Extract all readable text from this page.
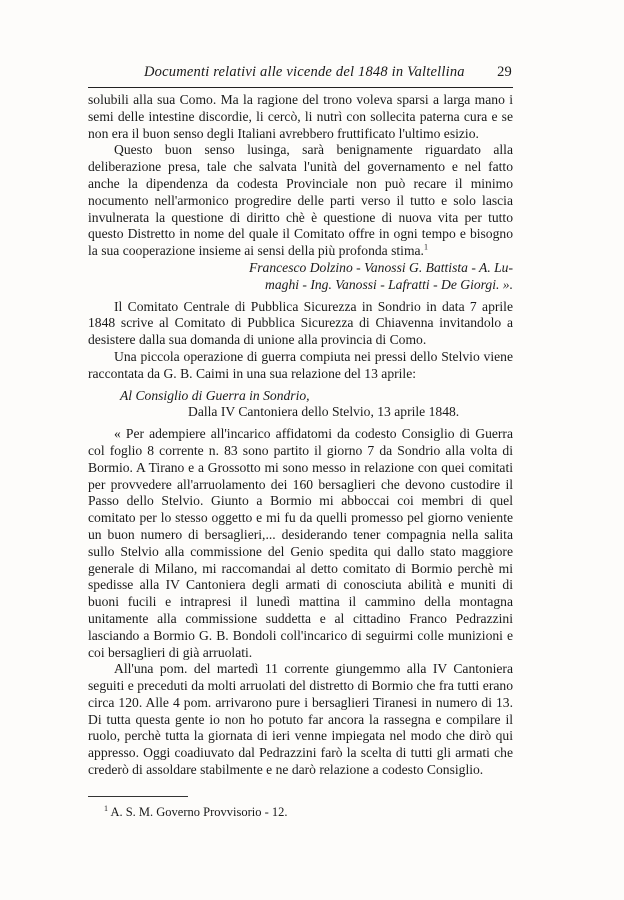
Documenti relativi alle vicende del 1848 in Valtellina 29

solubili alla sua Como. Ma la ragione del trono voleva sparsi a larga mano i semi delle intestine discordie, li cercò, li nutrì con sollecita paterna cura e se non era il buon senso degli Italiani avrebbero fruttificato l'ultimo esizio.

Questo buon senso lusinga, sarà benignamente riguardato alla deliberazione presa, tale che salvata l'unità del governamento e nel fatto anche la dipendenza da codesta Provinciale non può recare il minimo nocumento nell'armonico progredire delle parti verso il tutto e solo lascia invulnerata la questione di diritto chè è questione di nuova vita per tutto questo Distretto in nome del quale il Comitato offre in ogni tempo e bisogno la sua cooperazione insieme ai sensi della più profonda stima.$^1$

Francesco Dolzino - Vanossi G. Battista - A. Lu-

maghi - Ing. Vanossi - Lafratti - De Giorgi. ».

Il Comitato Centrale di Pubblica Sicurezza in Sondrio in data 7 aprile 1848 scrive al Comitato di Pubblica Sicurezza di Chiavenna invitandolo a desistere dalla sua domanda di unione alla provincia di Como.

Una piccola operazione di guerra compiuta nei pressi dello Stelvio viene raccontata da G. B. Caimi in una sua relazione del 13 aprile:

Al Consiglio di Guerra in Sondrio,

Dalla IV Cantoniera dello Stelvio, 13 aprile 1848.

« Per adempiere all'incarico affidatomi da codesto Consiglio di Guerra col foglio 8 corrente n. 83 sono partito il giorno 7 da Sondrio alla volta di Bormio. A Tirano e a Grossotto mi sono messo in relazione con quei comitati per provvedere all'arruolamento dei 160 bersaglieri che devono custodire il Passo dello Stelvio. Giunto a Bormio mi abboccai coi membri di quel comitato per lo stesso oggetto e mi fu da quelli promesso pel giorno veniente un buon numero di bersaglieri,... desiderando tener compagnia nella salita sullo Stelvio alla commissione del Genio spedita qui dallo stato maggiore generale di Milano, mi raccomandai al detto comitato di Bormio perchè mi spedisse alla IV Cantoniera degli armati di conosciuta abilità e muniti di buoni fucili e intrapresi il lunedì mattina il cammino della montagna unitamente alla commissione suddetta e al cittadino Franco Pedrazzini lasciando a Bormio G. B. Bondoli coll'incarico di seguirmi colle munizioni e coi bersaglieri di già arruolati.

All'una pom. del martedì 11 corrente giungemmo alla IV Cantoniera seguiti e preceduti da molti arruolati del distretto di Bormio che fra tutti erano circa 120. Alle 4 pom. arrivarono pure i bersaglieri Tiranesi in numero di 13. Di tutta questa gente io non ho potuto far ancora la rassegna e compilare il ruolo, perchè tutta la giornata di ieri venne impiegata nel modo che dirò qui appresso. Oggi coadiuvato dal Pedrazzini farò la scelta di tutti gli armati che crederò di assoldare stabilmente e ne darò relazione a codesto Consiglio.

$^1$ A. S. M. Governo Provvisorio - 12.
